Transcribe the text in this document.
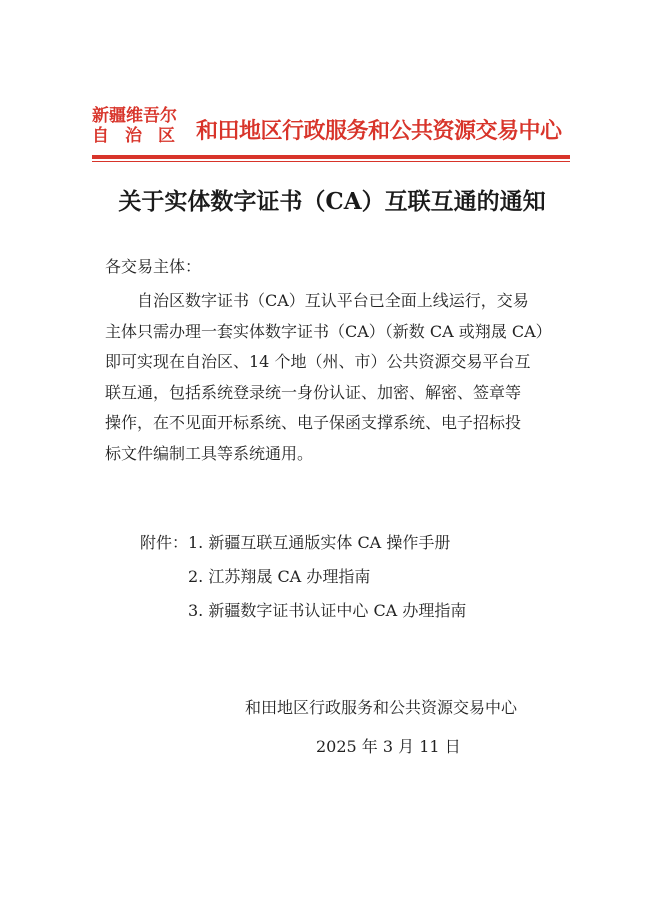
新疆维吾尔
自治区 和田地区行政服务和公共资源交易中心
关于实体数字证书（CA）互联互通的通知
各交易主体：
　　自治区数字证书（CA）互认平台已全面上线运行，交易
主体只需办理一套实体数字证书（CA）（新数 CA 或翔晟 CA）
即可实现在自治区、14 个地（州、市）公共资源交易平台互
联互通，包括系统登录统一身份认证、加密、解密、签章等
操作，在不见面开标系统、电子保函支撑系统、电子招标投
标文件编制工具等系统通用。
附件：1. 新疆互联互通版实体 CA 操作手册
2. 江苏翔晟 CA 办理指南
3. 新疆数字证书认证中心 CA 办理指南
和田地区行政服务和公共资源交易中心
2025 年 3 月 11 日
